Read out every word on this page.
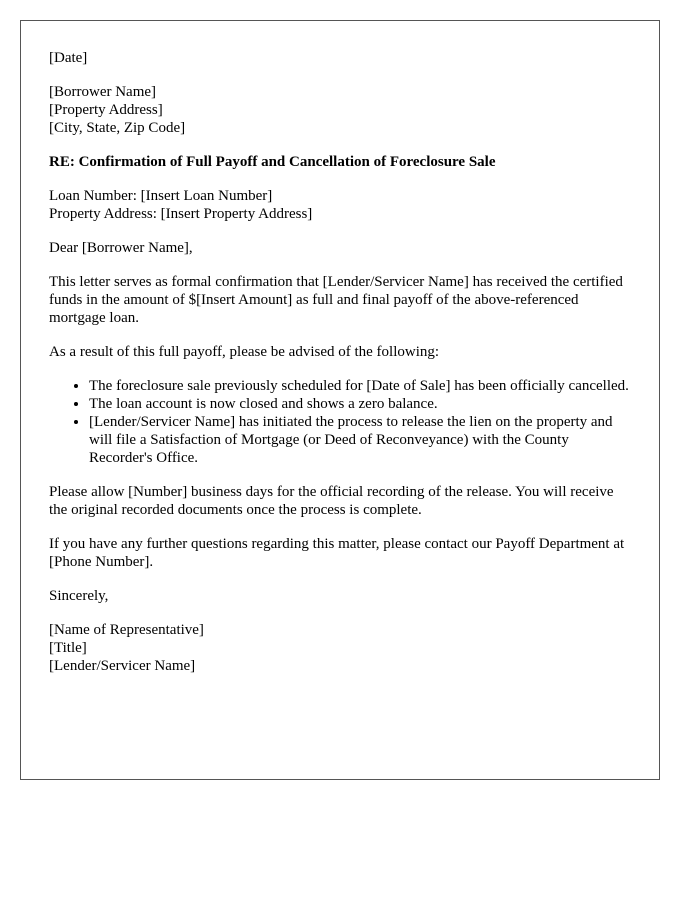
[Date]

[Borrower Name]
[Property Address]
[City, State, Zip Code]

RE: Confirmation of Full Payoff and Cancellation of Foreclosure Sale

Loan Number: [Insert Loan Number]
Property Address: [Insert Property Address]

Dear [Borrower Name],

This letter serves as formal confirmation that [Lender/Servicer Name] has received the certified funds in the amount of $[Insert Amount] as full and final payoff of the above-referenced mortgage loan.

As a result of this full payoff, please be advised of the following:

• The foreclosure sale previously scheduled for [Date of Sale] has been officially cancelled.
• The loan account is now closed and shows a zero balance.
• [Lender/Servicer Name] has initiated the process to release the lien on the property and will file a Satisfaction of Mortgage (or Deed of Reconveyance) with the County Recorder's Office.

Please allow [Number] business days for the official recording of the release. You will receive the original recorded documents once the process is complete.

If you have any further questions regarding this matter, please contact our Payoff Department at [Phone Number].

Sincerely,

[Name of Representative]
[Title]
[Lender/Servicer Name]
